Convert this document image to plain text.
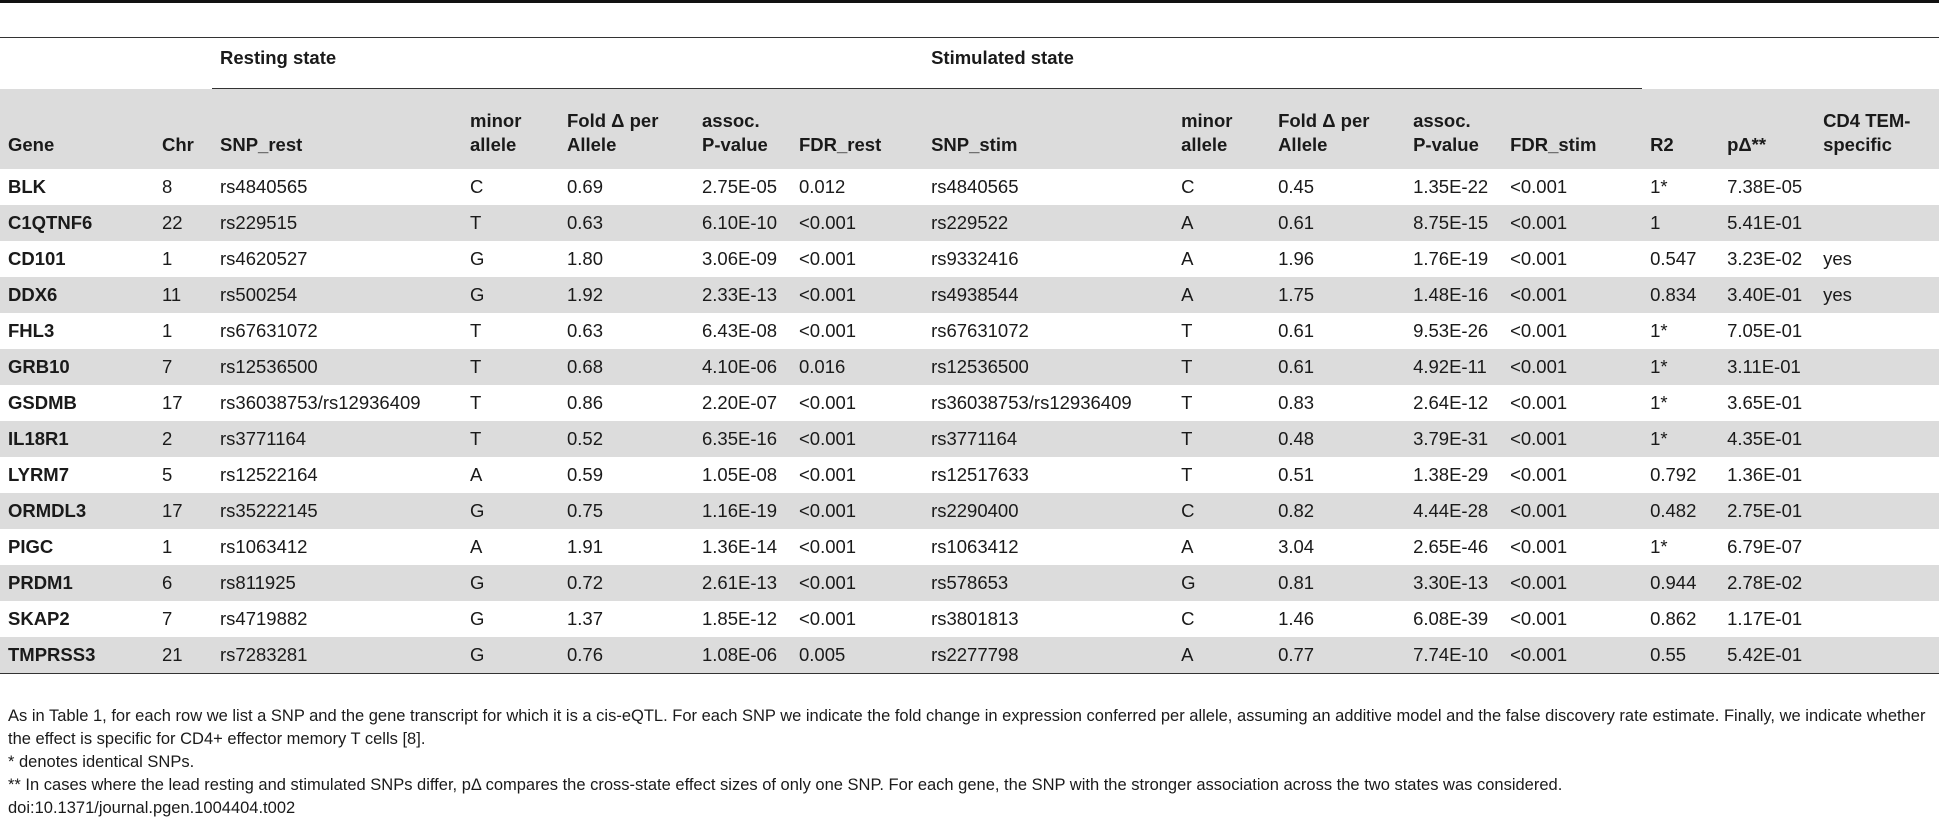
		Resting state					Stimulated state							

Gene	Chr	SNP_rest	minor allele	Fold Δ per Allele	assoc. P-value	FDR_rest	SNP_stim	minor allele	Fold Δ per Allele	assoc. P-value	FDR_stim	R2	pΔ**	CD4 TEM-specific
BLK	8	rs4840565	C	0.69	2.75E-05	0.012	rs4840565	C	0.45	1.35E-22	<0.001	1*	7.38E-05	
C1QTNF6	22	rs229515	T	0.63	6.10E-10	<0.001	rs229522	A	0.61	8.75E-15	<0.001	1	5.41E-01	
CD101	1	rs4620527	G	1.80	3.06E-09	<0.001	rs9332416	A	1.96	1.76E-19	<0.001	0.547	3.23E-02	yes
DDX6	11	rs500254	G	1.92	2.33E-13	<0.001	rs4938544	A	1.75	1.48E-16	<0.001	0.834	3.40E-01	yes
FHL3	1	rs67631072	T	0.63	6.43E-08	<0.001	rs67631072	T	0.61	9.53E-26	<0.001	1*	7.05E-01	
GRB10	7	rs12536500	T	0.68	4.10E-06	0.016	rs12536500	T	0.61	4.92E-11	<0.001	1*	3.11E-01	
GSDMB	17	rs36038753/rs12936409	T	0.86	2.20E-07	<0.001	rs36038753/rs12936409	T	0.83	2.64E-12	<0.001	1*	3.65E-01	
IL18R1	2	rs3771164	T	0.52	6.35E-16	<0.001	rs3771164	T	0.48	3.79E-31	<0.001	1*	4.35E-01	
LYRM7	5	rs12522164	A	0.59	1.05E-08	<0.001	rs12517633	T	0.51	1.38E-29	<0.001	0.792	1.36E-01	
ORMDL3	17	rs35222145	G	0.75	1.16E-19	<0.001	rs2290400	C	0.82	4.44E-28	<0.001	0.482	2.75E-01	
PIGC	1	rs1063412	A	1.91	1.36E-14	<0.001	rs1063412	A	3.04	2.65E-46	<0.001	1*	6.79E-07	
PRDM1	6	rs811925	G	0.72	2.61E-13	<0.001	rs578653	G	0.81	3.30E-13	<0.001	0.944	2.78E-02	
SKAP2	7	rs4719882	G	1.37	1.85E-12	<0.001	rs3801813	C	1.46	6.08E-39	<0.001	0.862	1.17E-01	
TMPRSS3	21	rs7283281	G	0.76	1.08E-06	0.005	rs2277798	A	0.77	7.74E-10	<0.001	0.55	5.42E-01	

As in Table 1, for each row we list a SNP and the gene transcript for which it is a cis-eQTL. For each SNP we indicate the fold change in expression conferred per allele, assuming an additive model and the false discovery rate estimate. Finally, we indicate whether the effect is specific for CD4+ effector memory T cells [8].

* denotes identical SNPs.

** In cases where the lead resting and stimulated SNPs differ, pΔ compares the cross-state effect sizes of only one SNP. For each gene, the SNP with the stronger association across the two states was considered.

doi:10.1371/journal.pgen.1004404.t002
